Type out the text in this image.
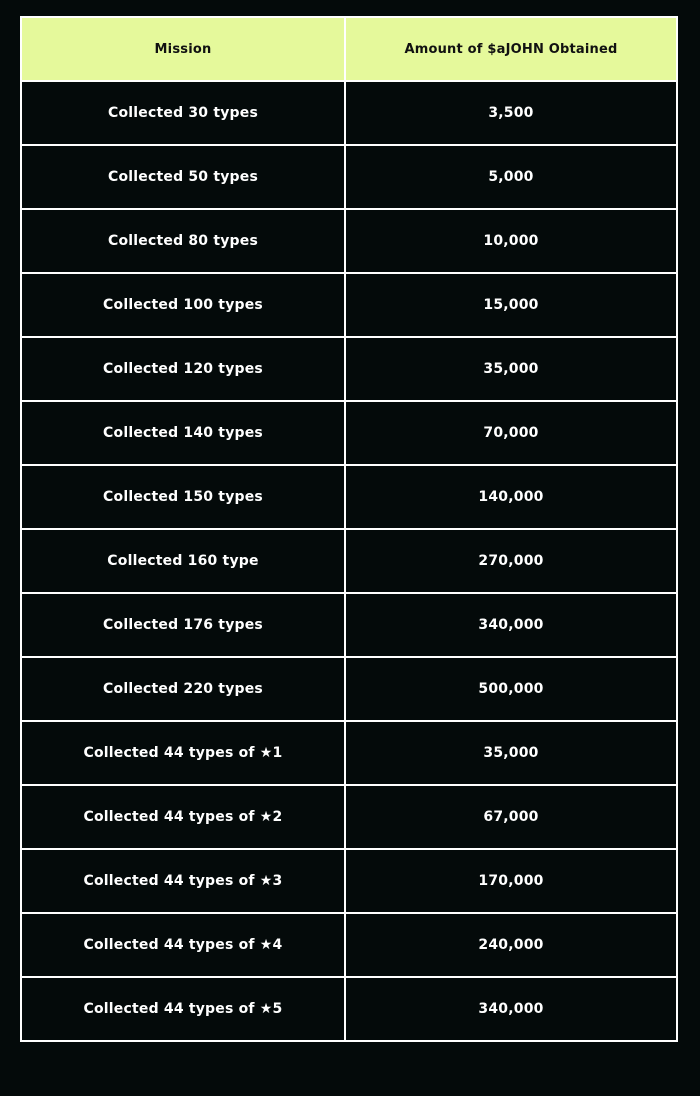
Mission	Amount of $aJOHN Obtained
Collected 30 types	3,500
Collected 50 types	5,000
Collected 80 types	10,000
Collected 100 types	15,000
Collected 120 types	35,000
Collected 140 types	70,000
Collected 150 types	140,000
Collected 160 type	270,000
Collected 176 types	340,000
Collected 220 types	500,000
Collected 44 types of ★1	35,000
Collected 44 types of ★2	67,000
Collected 44 types of ★3	170,000
Collected 44 types of ★4	240,000
Collected 44 types of ★5	340,000
